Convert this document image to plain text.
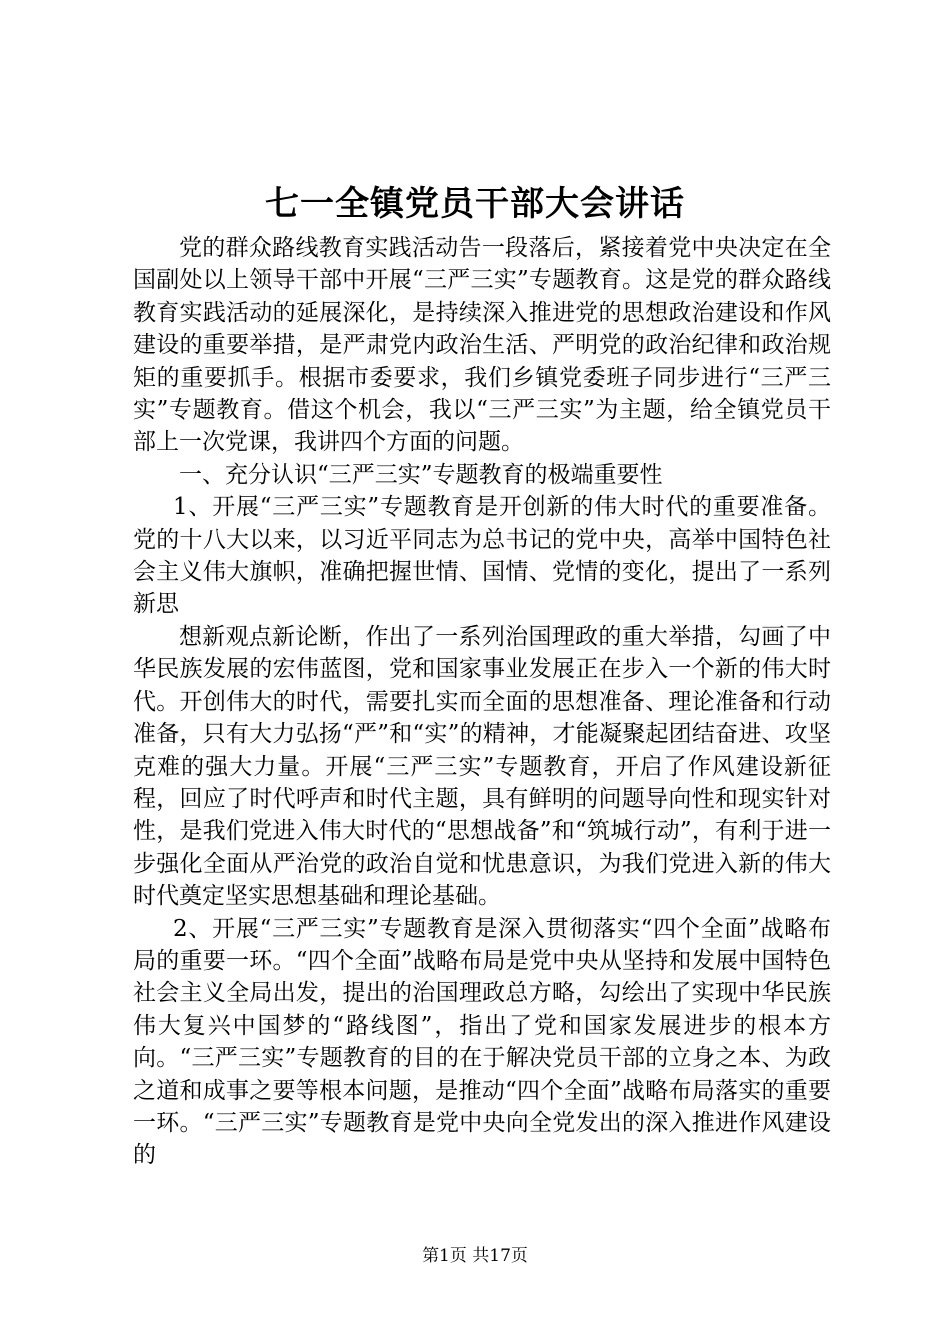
七一全镇党员干部大会讲话

党的群众路线教育实践活动告一段落后，紧接着党中央决定在全国副处以上领导干部中开展“三严三实”专题教育。这是党的群众路线教育实践活动的延展深化，是持续深入推进党的思想政治建设和作风建设的重要举措，是严肃党内政治生活、严明党的政治纪律和政治规矩的重要抓手。根据市委要求，我们乡镇党委班子同步进行“三严三实”专题教育。借这个机会，我以“三严三实”为主题，给全镇党员干部上一次党课，我讲四个方面的问题。

一、充分认识“三严三实”专题教育的极端重要性

1、开展“三严三实”专题教育是开创新的伟大时代的重要准备。党的十八大以来，以习近平同志为总书记的党中央，高举中国特色社会主义伟大旗帜，准确把握世情、国情、党情的变化，提出了一系列新思

想新观点新论断，作出了一系列治国理政的重大举措，勾画了中华民族发展的宏伟蓝图，党和国家事业发展正在步入一个新的伟大时代。开创伟大的时代，需要扎实而全面的思想准备、理论准备和行动准备，只有大力弘扬“严”和“实”的精神，才能凝聚起团结奋进、攻坚克难的强大力量。开展“三严三实”专题教育，开启了作风建设新征程，回应了时代呼声和时代主题，具有鲜明的问题导向性和现实针对性，是我们党进入伟大时代的“思想战备”和“筑城行动”，有利于进一步强化全面从严治党的政治自觉和忧患意识，为我们党进入新的伟大时代奠定坚实思想基础和理论基础。

2、开展“三严三实”专题教育是深入贯彻落实“四个全面”战略布局的重要一环。“四个全面”战略布局是党中央从坚持和发展中国特色社会主义全局出发，提出的治国理政总方略，勾绘出了实现中华民族伟大复兴中国梦的“路线图”，指出了党和国家发展进步的根本方向。“三严三实”专题教育的目的在于解决党员干部的立身之本、为政之道和成事之要等根本问题，是推动“四个全面”战略布局落实的重要一环。“三严三实”专题教育是党中央向全党发出的深入推进作风建设的

第1页 共17页
